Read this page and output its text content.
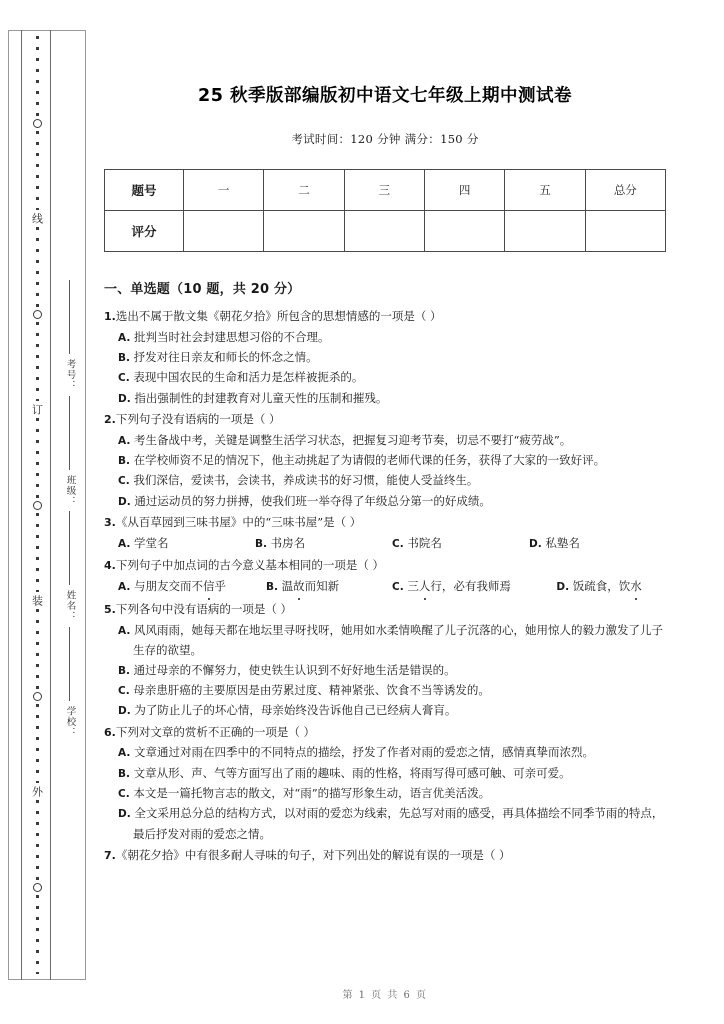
线
订
装
外
考号：
班级：
姓名：
学校：
25 秋季版部编版初中语文七年级上期中测试卷
考试时间：120 分钟 满分：150 分
题号	一	二	三	四	五	总分
评分						
一、单选题（10 题，共 20 分）

1.选出不属于散文集《朝花夕拾》所包含的思想情感的一项是（ ）

A. 批判当时社会封建思想习俗的不合理。

B. 抒发对往日亲友和师长的怀念之情。

C. 表现中国农民的生命和活力是怎样被扼杀的。

D. 指出强制性的封建教育对儿童天性的压制和摧残。

2.下列句子没有语病的一项是（ ）

A. 考生备战中考，关键是调整生活学习状态，把握复习迎考节奏，切忌不要打“疲劳战”。

B. 在学校师资不足的情况下，他主动挑起了为请假的老师代课的任务，获得了大家的一致好评。

C. 我们深信，爱读书，会读书，养成读书的好习惯，能使人受益终生。

D. 通过运动员的努力拼搏，使我们班一举夺得了年级总分第一的好成绩。

3.《从百草园到三味书屋》中的“三味书屋”是（ ）

A. 学堂名	B. 书房名	C. 书院名	D. 私塾名

4.下列句子中加点词的古今意义基本相同的一项是（ ）

A. 与朋友交而不信乎	B. 温故而知新	C. 三人行，必有我师焉	D. 饭疏食，饮水

5.下列各句中没有语病的一项是（ ）

A. 风风雨雨，她每天都在地坛里寻呀找呀，她用如水柔情唤醒了儿子沉落的心，她用惊人的毅力激发了儿子生存的欲望。

B. 通过母亲的不懈努力，使史铁生认识到不好好地生活是错误的。

C. 母亲患肝癌的主要原因是由劳累过度、精神紧张、饮食不当等诱发的。

D. 为了防止儿子的坏心情，母亲始终没告诉他自己已经病人膏肓。

6.下列对文章的赏析不正确的一项是（ ）

A. 文章通过对雨在四季中的不同特点的描绘，抒发了作者对雨的爱恋之情，感情真挚而浓烈。

B. 文章从形、声、气等方面写出了雨的趣味、雨的性格，将雨写得可感可触、可亲可爱。

C. 本文是一篇托物言志的散文，对“雨”的描写形象生动，语言优美活泼。

D. 全文采用总分总的结构方式，以对雨的爱恋为线索，先总写对雨的感受，再具体描绘不同季节雨的特点，最后抒发对雨的爱恋之情。

7.《朝花夕拾》中有很多耐人寻味的句子，对下列出处的解说有误的一项是（ ）

第 1 页 共 6 页
